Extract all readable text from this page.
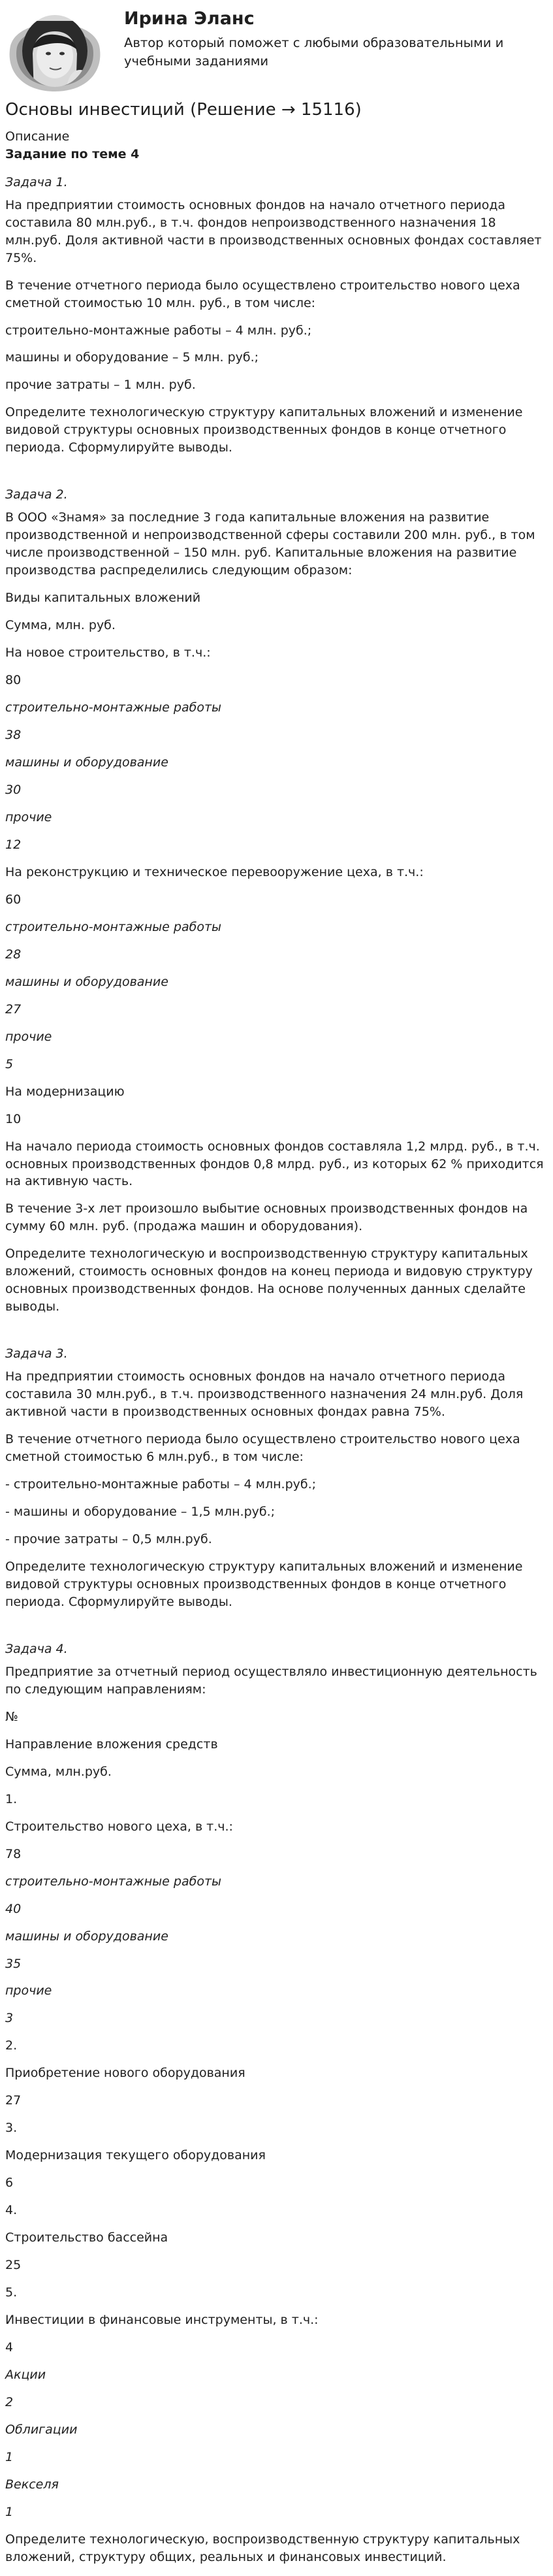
Ирина Эланс
Автор который поможет с любыми образовательными и учебными заданиями
Основы инвестиций (Решение → 15116)
Описание
Задание по теме 4
Задача 1.

На предприятии стоимость основных фондов на начало отчетного периода составила 80 млн.руб., в т.ч. фондов непроизводственного назначения 18 млн.руб. Доля активной части в производственных основных фондах составляет 75%.

В течение отчетного периода было осуществлено строительство нового цеха сметной стоимостью 10 млн. руб., в том числе:

строительно-монтажные работы – 4 млн. руб.;

машины и оборудование – 5 млн. руб.;

прочие затраты – 1 млн. руб.

Определите технологическую структуру капитальных вложений и изменение видовой структуры основных производственных фондов в конце отчетного периода. Сформулируйте выводы.

Задача 2.

В ООО «Знамя» за последние 3 года капитальные вложения на развитие производственной и непроизводственной сферы составили 200 млн. руб., в том числе производственной – 150 млн. руб. Капитальные вложения на развитие производства распределились следующим образом:

Виды капитальных вложений

Сумма, млн. руб.

На новое строительство, в т.ч.:

80

строительно-монтажные работы

38

машины и оборудование

30

прочие

12

На реконструкцию и техническое перевооружение цеха, в т.ч.:

60

строительно-монтажные работы

28

машины и оборудование

27

прочие

5

На модернизацию

10

На начало периода стоимость основных фондов составляла 1,2 млрд. руб., в т.ч. основных производственных фондов 0,8 млрд. руб., из которых 62 % приходится на активную часть.

В течение 3-х лет произошло выбытие основных производственных фондов на сумму 60 млн. руб. (продажа машин и оборудования).

Определите технологическую и воспроизводственную структуру капитальных вложений, стоимость основных фондов на конец периода и видовую структуру основных производственных фондов. На основе полученных данных сделайте выводы.

Задача 3.

На предприятии стоимость основных фондов на начало отчетного периода составила 30 млн.руб., в т.ч. производственного назначения 24 млн.руб. Доля активной части в производственных основных фондах равна 75%.

В течение отчетного периода было осуществлено строительство нового цеха сметной стоимостью 6 млн.руб., в том числе:

- строительно-монтажные работы – 4 млн.руб.;

- машины и оборудование – 1,5 млн.руб.;

- прочие затраты – 0,5 млн.руб.

Определите технологическую структуру капитальных вложений и изменение видовой структуры основных производственных фондов в конце отчетного периода. Сформулируйте выводы.

Задача 4.

Предприятие за отчетный период осуществляло инвестиционную деятельность по следующим направлениям:

№

Направление вложения средств

Сумма, млн.руб.

1.

Строительство нового цеха, в т.ч.:

78

строительно-монтажные работы

40

машины и оборудование

35

прочие

3

2.

Приобретение нового оборудования

27

3.

Модернизация текущего оборудования

6

4.

Строительство бассейна

25

5.

Инвестиции в финансовые инструменты, в т.ч.:

4

Акции

2

Облигации

1

Векселя

1

Определите технологическую, воспроизводственную структуру капитальных вложений, структуру общих, реальных и финансовых инвестиций.
